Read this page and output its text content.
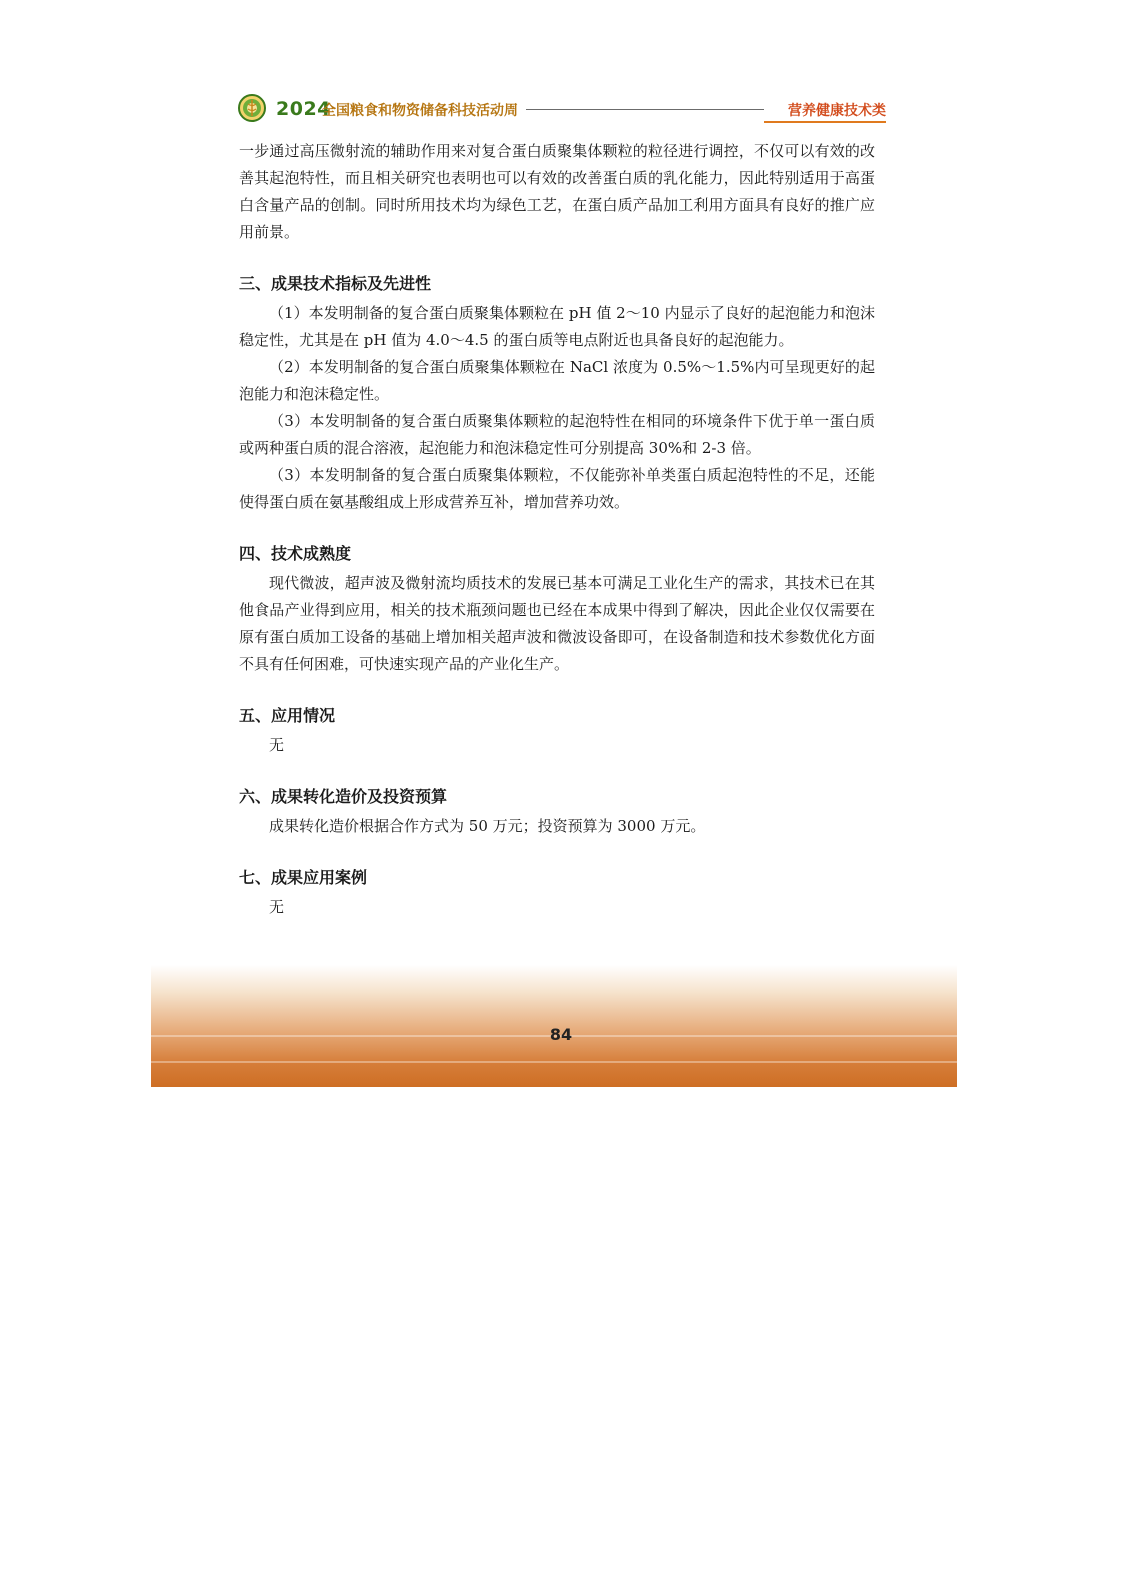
2024
全国粮食和物资储备科技活动周	营养健康技术类

一步通过高压微射流的辅助作用来对复合蛋白质聚集体颗粒的粒径进行调控，不仅可以有效的改善其起泡特性，而且相关研究也表明也可以有效的改善蛋白质的乳化能力，因此特别适用于高蛋白含量产品的创制。同时所用技术均为绿色工艺，在蛋白质产品加工利用方面具有良好的推广应用前景。

三、成果技术指标及先进性

（1）本发明制备的复合蛋白质聚集体颗粒在 pH 值 2～10 内显示了良好的起泡能力和泡沫稳定性，尤其是在 pH 值为 4.0～4.5 的蛋白质等电点附近也具备良好的起泡能力。

（2）本发明制备的复合蛋白质聚集体颗粒在 NaCl 浓度为 0.5%～1.5%内可呈现更好的起泡能力和泡沫稳定性。

（3）本发明制备的复合蛋白质聚集体颗粒的起泡特性在相同的环境条件下优于单一蛋白质或两种蛋白质的混合溶液，起泡能力和泡沫稳定性可分别提高 30%和 2-3 倍。

（3）本发明制备的复合蛋白质聚集体颗粒，不仅能弥补单类蛋白质起泡特性的不足，还能使得蛋白质在氨基酸组成上形成营养互补，增加营养功效。

四、技术成熟度

现代微波，超声波及微射流均质技术的发展已基本可满足工业化生产的需求，其技术已在其他食品产业得到应用，相关的技术瓶颈问题也已经在本成果中得到了解决，因此企业仅仅需要在原有蛋白质加工设备的基础上增加相关超声波和微波设备即可，在设备制造和技术参数优化方面不具有任何困难，可快速实现产品的产业化生产。

五、应用情况

无

六、成果转化造价及投资预算

成果转化造价根据合作方式为 50 万元；投资预算为 3000 万元。

七、成果应用案例

无

84
